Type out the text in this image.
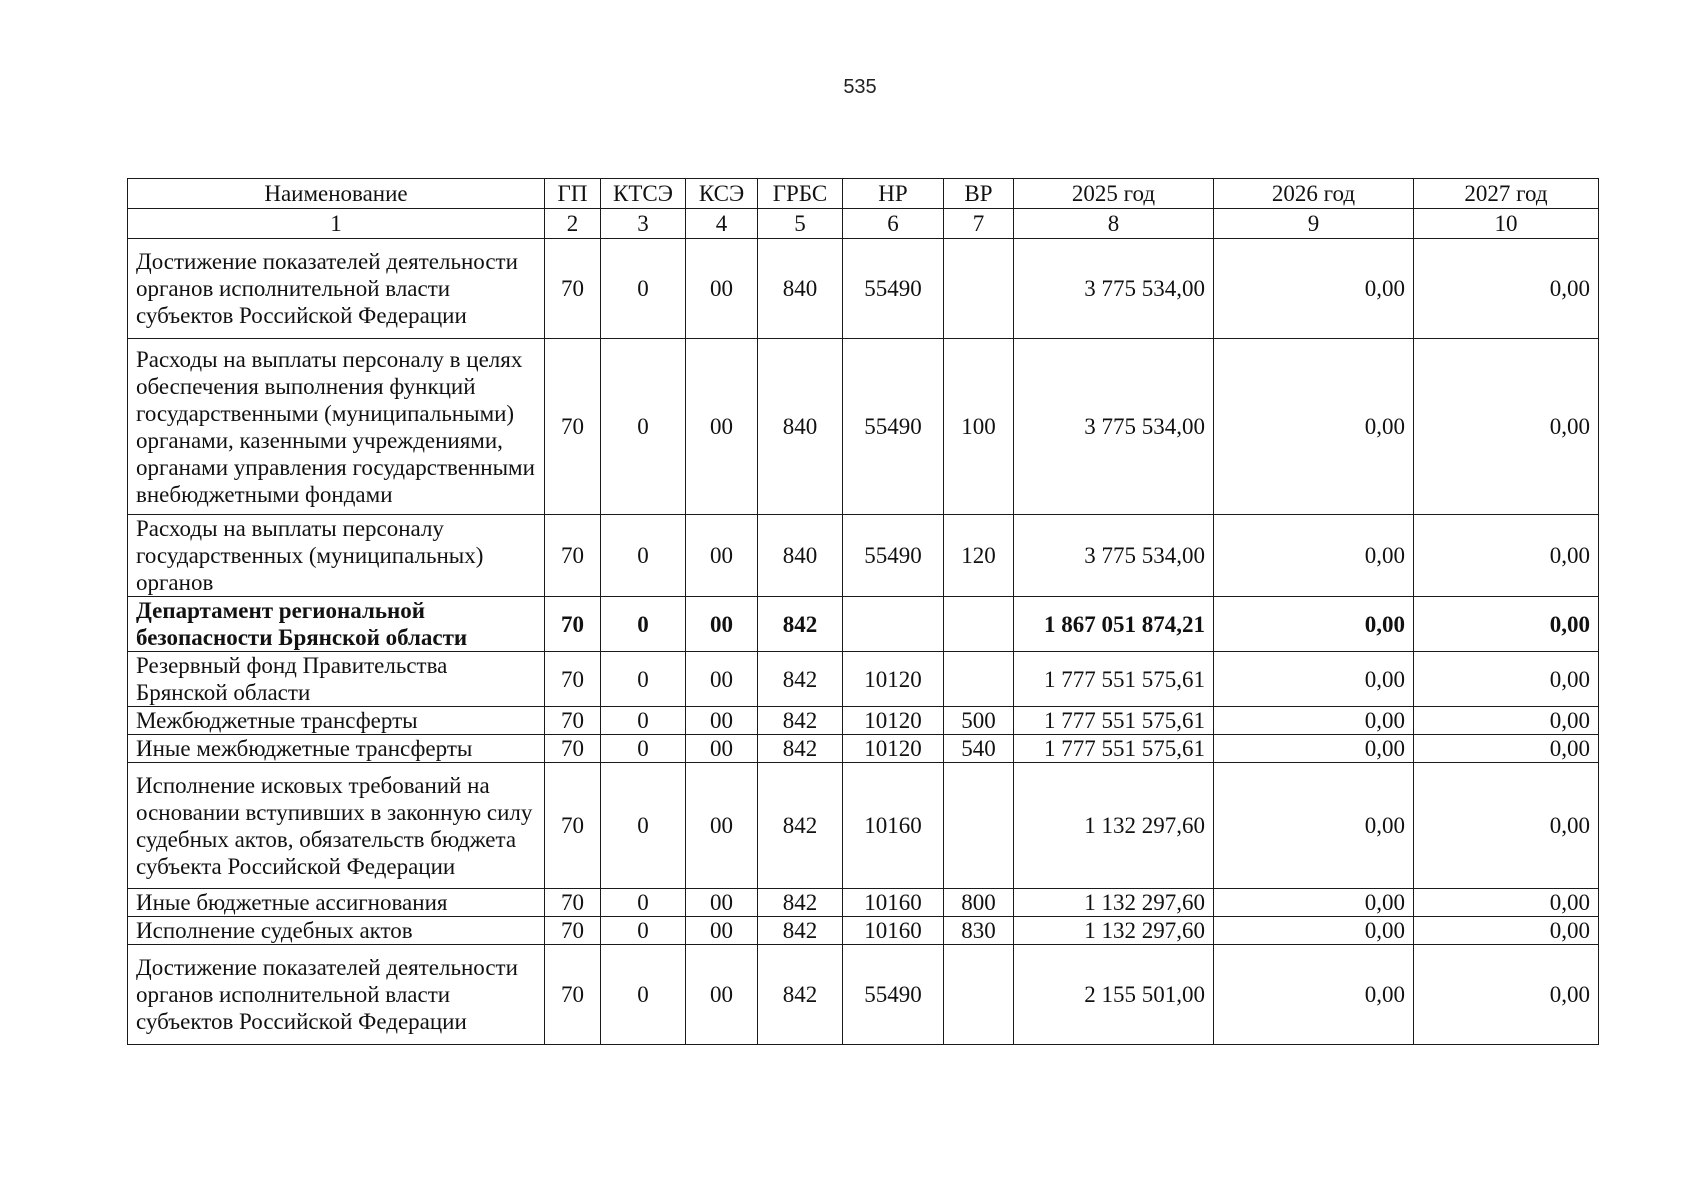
535
Наименование	ГП	КТСЭ	КСЭ	ГРБС	НР	ВР	2025 год	2026 год	2027 год
1	2	3	4	5	6	7	8	9	10
Достижение показателей деятельности органов исполнительной власти субъектов Российской Федерации	70	0	00	840	55490		3 775 534,00	0,00	0,00
Расходы на выплаты персоналу в целях обеспечения выполнения функций государственными (муниципальными) органами, казенными учреждениями, органами управления государственными внебюджетными фондами	70	0	00	840	55490	100	3 775 534,00	0,00	0,00
Расходы на выплаты персоналу государственных (муниципальных) органов	70	0	00	840	55490	120	3 775 534,00	0,00	0,00
Департамент региональной безопасности Брянской области	70	0	00	842			1 867 051 874,21	0,00	0,00
Резервный фонд Правительства Брянской области	70	0	00	842	10120		1 777 551 575,61	0,00	0,00
Межбюджетные трансферты	70	0	00	842	10120	500	1 777 551 575,61	0,00	0,00
Иные межбюджетные трансферты	70	0	00	842	10120	540	1 777 551 575,61	0,00	0,00
Исполнение исковых требований на основании вступивших в законную силу судебных актов, обязательств бюджета субъекта Российской Федерации	70	0	00	842	10160		1 132 297,60	0,00	0,00
Иные бюджетные ассигнования	70	0	00	842	10160	800	1 132 297,60	0,00	0,00
Исполнение судебных актов	70	0	00	842	10160	830	1 132 297,60	0,00	0,00
Достижение показателей деятельности органов исполнительной власти субъектов Российской Федерации	70	0	00	842	55490		2 155 501,00	0,00	0,00
